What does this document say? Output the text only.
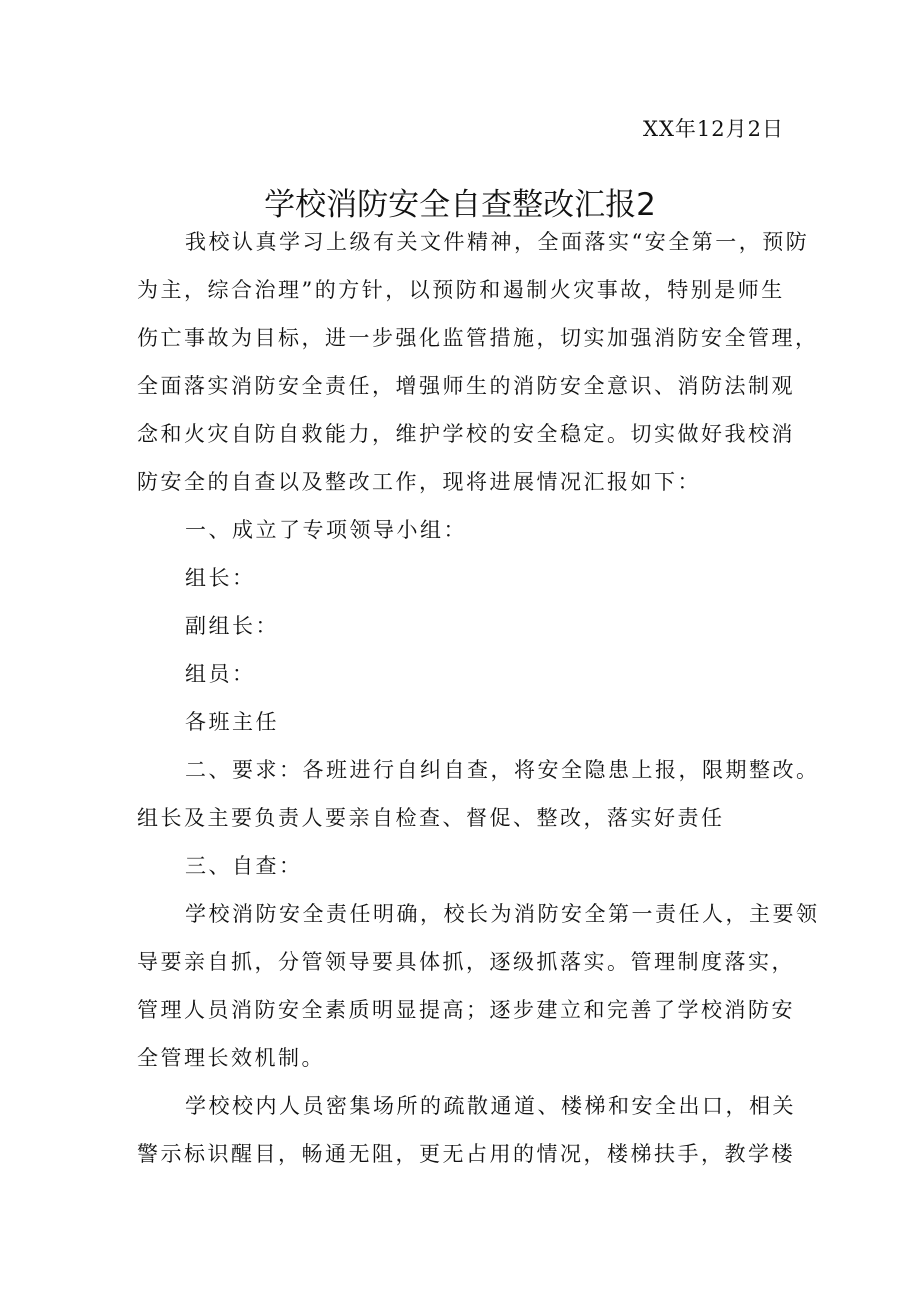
XX年12月2日
学校消防安全自查整改汇报2

我校认真学习上级有关文件精神，全面落实“安全第一，预防
为主，综合治理”的方针，以预防和遏制火灾事故，特别是师生
伤亡事故为目标，进一步强化监管措施，切实加强消防安全管理，
全面落实消防安全责任，增强师生的消防安全意识、消防法制观
念和火灾自防自救能力，维护学校的安全稳定。切实做好我校消
防安全的自查以及整改工作，现将进展情况汇报如下：

一、成立了专项领导小组：

组长：

副组长：

组员：

各班主任

二、要求：各班进行自纠自查，将安全隐患上报，限期整改。
组长及主要负责人要亲自检查、督促、整改，落实好责任

三、自查：

学校消防安全责任明确，校长为消防安全第一责任人，主要领
导要亲自抓，分管领导要具体抓，逐级抓落实。管理制度落实，
管理人员消防安全素质明显提高；逐步建立和完善了学校消防安
全管理长效机制。

学校校内人员密集场所的疏散通道、楼梯和安全出口，相关
警示标识醒目，畅通无阻，更无占用的情况，楼梯扶手，教学楼
